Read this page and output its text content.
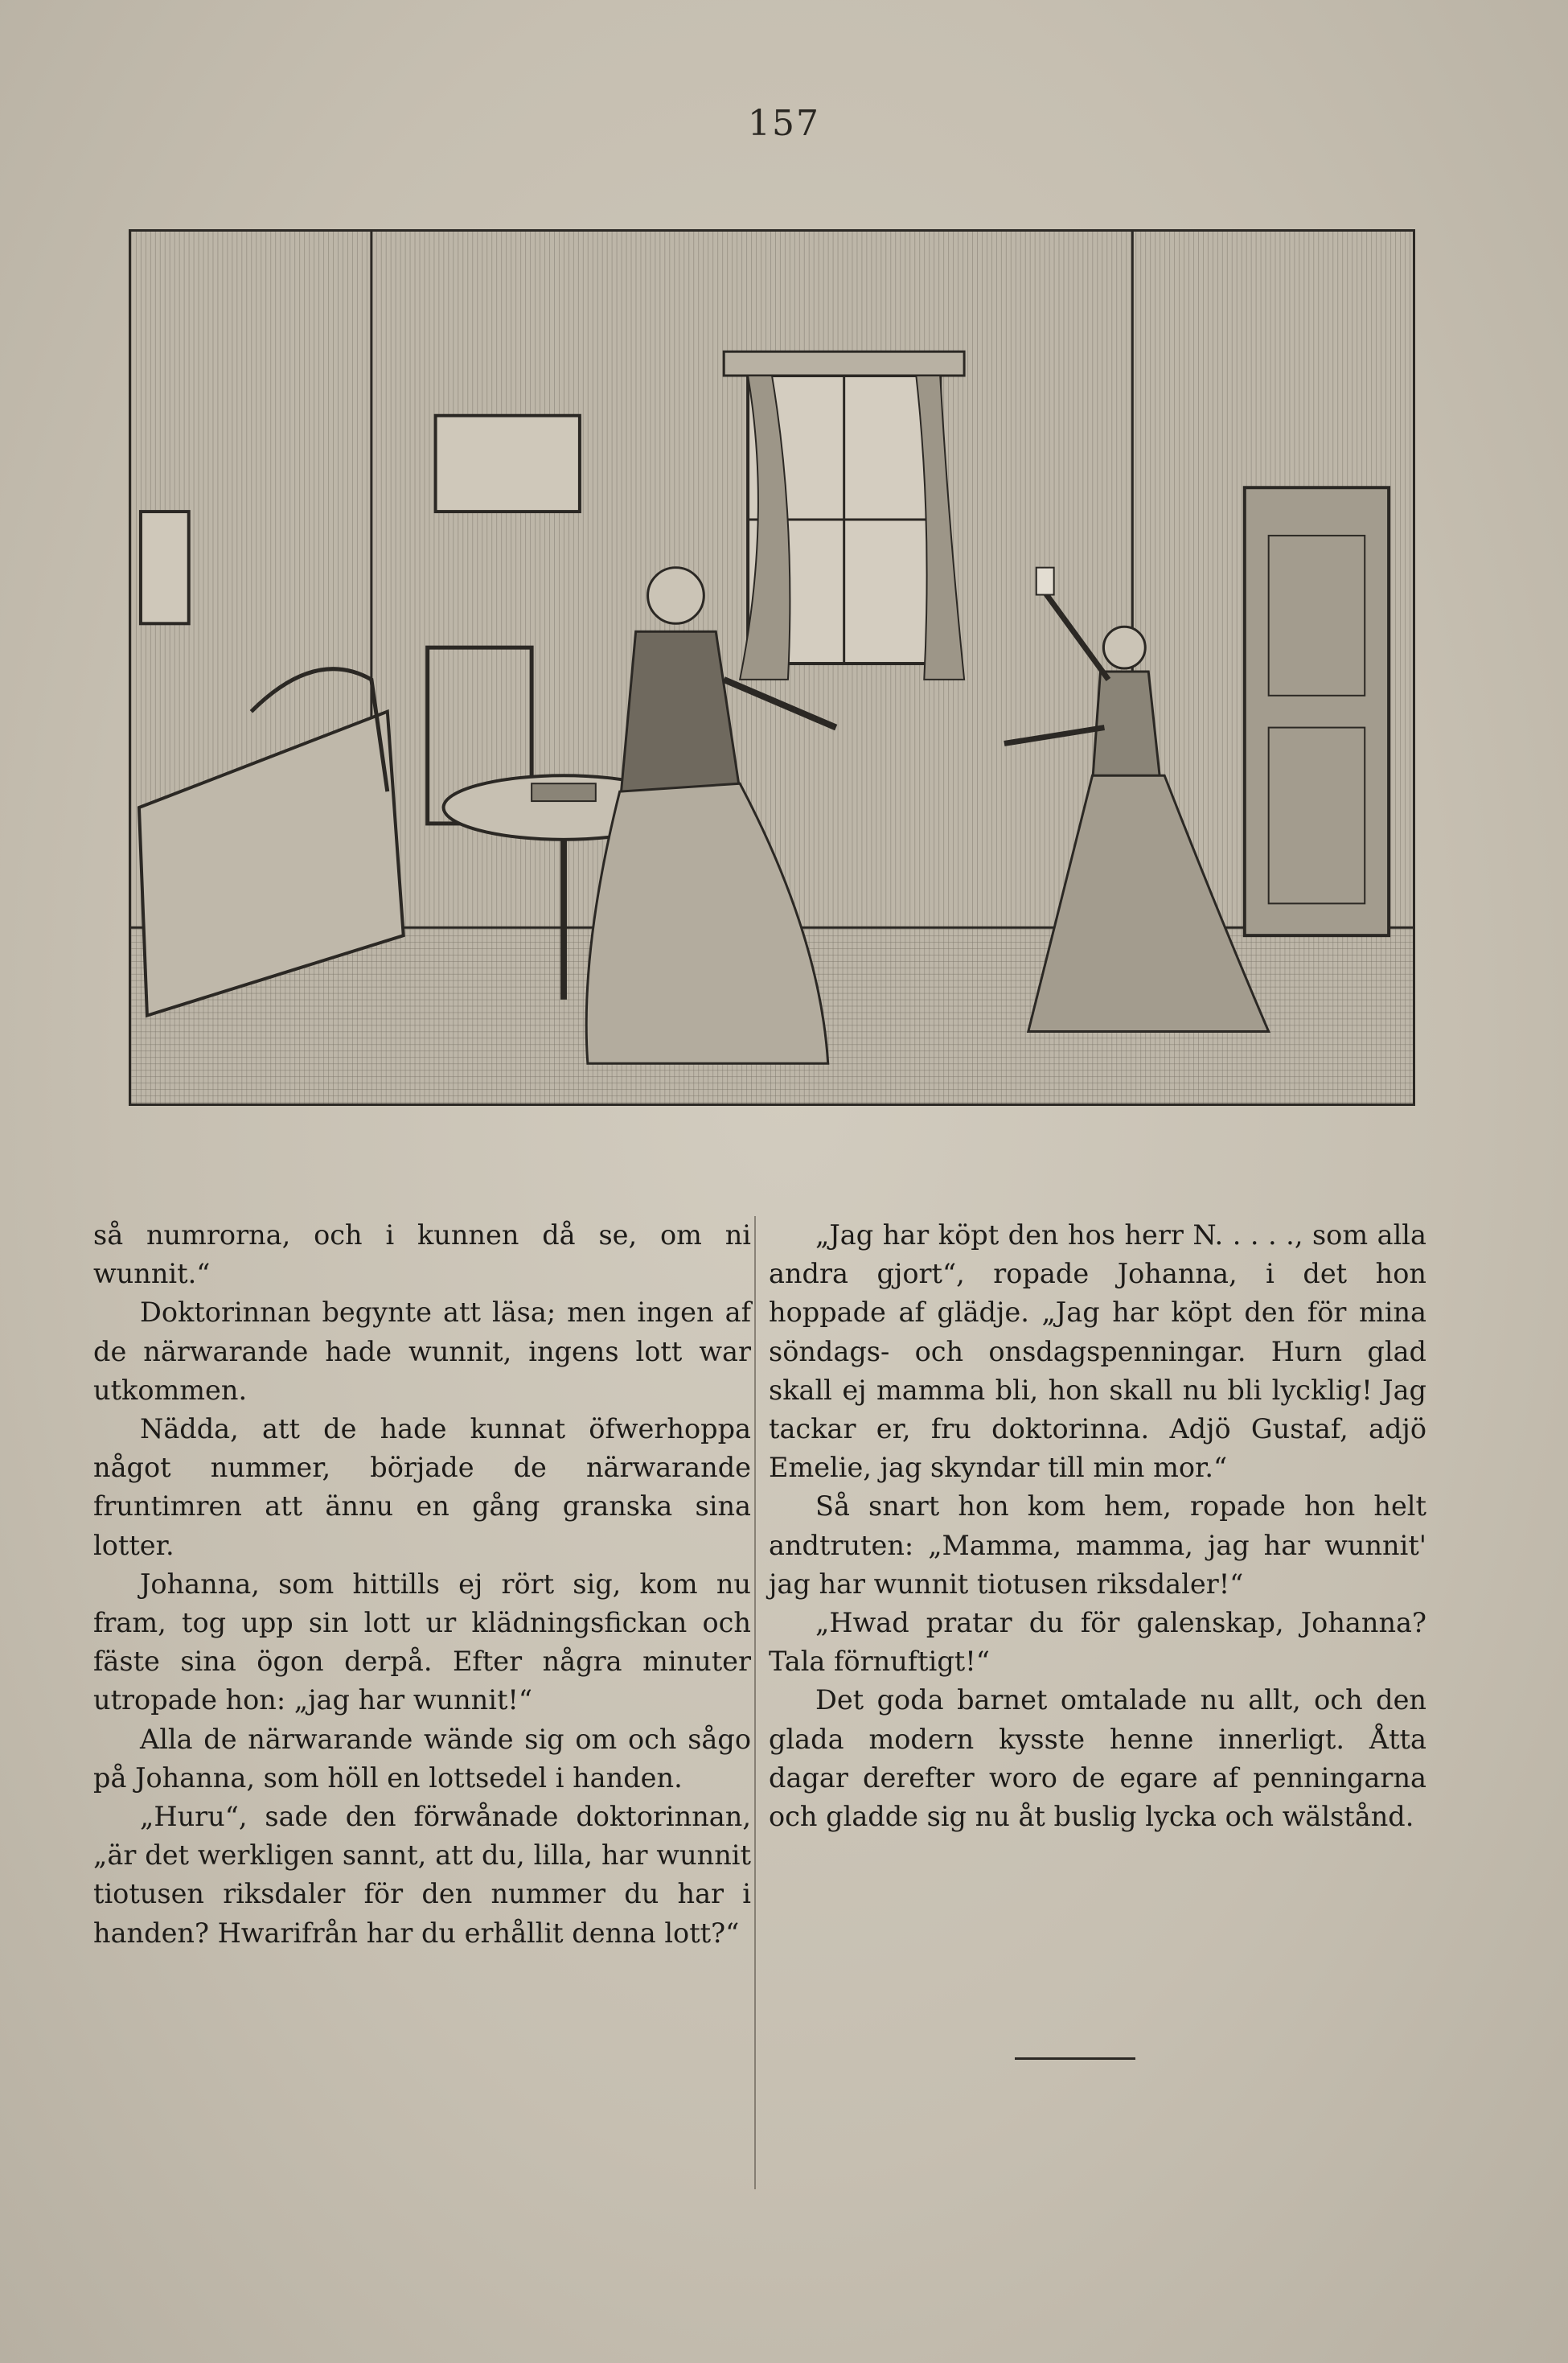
157

så numrorna, och i kunnen då se, om ni wunnit.“

Doktorinnan begynte att läsa; men ingen af de närwarande hade wunnit, ingens lott war utkommen.

Nädda, att de hade kunnat öfwerhoppa något nummer, började de närwarande fruntimren att ännu en gång granska sina lotter.

Johanna, som hittills ej rört sig, kom nu fram, tog upp sin lott ur klädningsfickan och fäste sina ögon derpå. Efter några minuter utropade hon: „jag har wunnit!“

Alla de närwarande wände sig om och sågo på Johanna, som höll en lottsedel i handen.

„Huru“, sade den förwånade doktorinnan, „är det werkligen sannt, att du, lilla, har wunnit tiotusen riksdaler för den nummer du har i handen? Hwarifrån har du erhållit denna lott?“

„Jag har köpt den hos herr N. . . . ., som alla andra gjort“, ropade Johanna, i det hon hoppade af glädje. „Jag har köpt den för mina söndags- och onsdagspenningar. Hurn glad skall ej mamma bli, hon skall nu bli lycklig! Jag tackar er, fru doktorinna. Adjö Gustaf, adjö Emelie, jag skyndar till min mor.“

Så snart hon kom hem, ropade hon helt andtruten: „Mamma, mamma, jag har wunnit' jag har wunnit tiotusen riksdaler!“

„Hwad pratar du för galenskap, Johanna? Tala förnuftigt!“

Det goda barnet omtalade nu allt, och den glada modern kysste henne innerligt. Åtta dagar derefter woro de egare af penningarna och gladde sig nu åt buslig lycka och wälstånd.
